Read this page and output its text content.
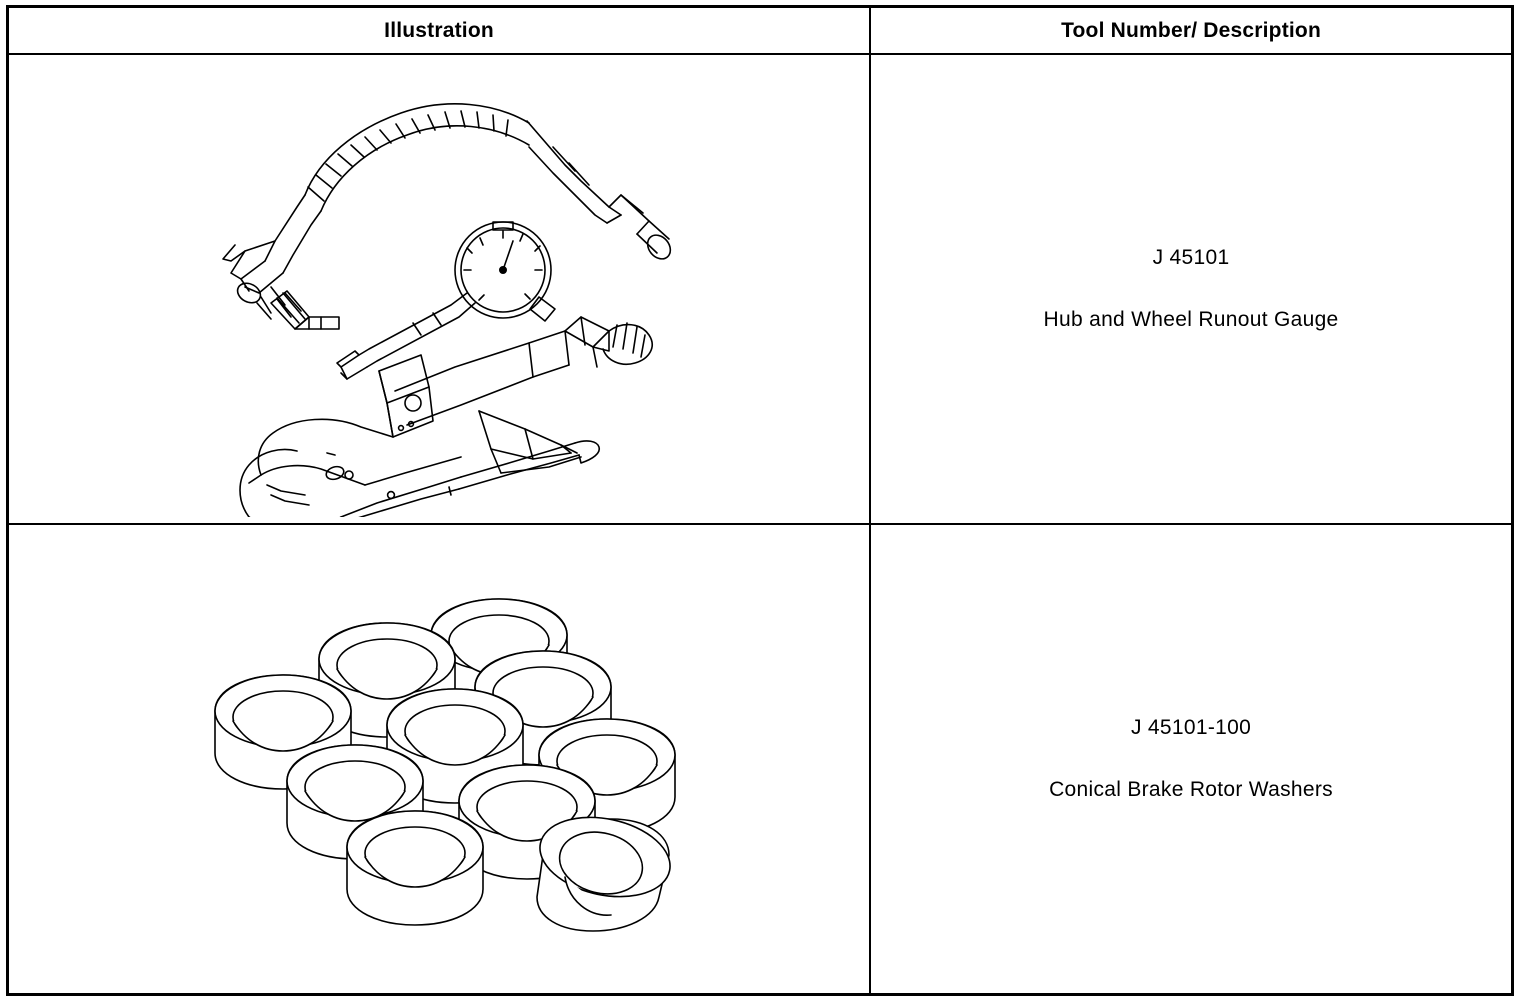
Illustration	Tool Number/ Description

J 45101
Hub and Wheel Runout Gauge

J 45101-100
Conical Brake Rotor Washers
